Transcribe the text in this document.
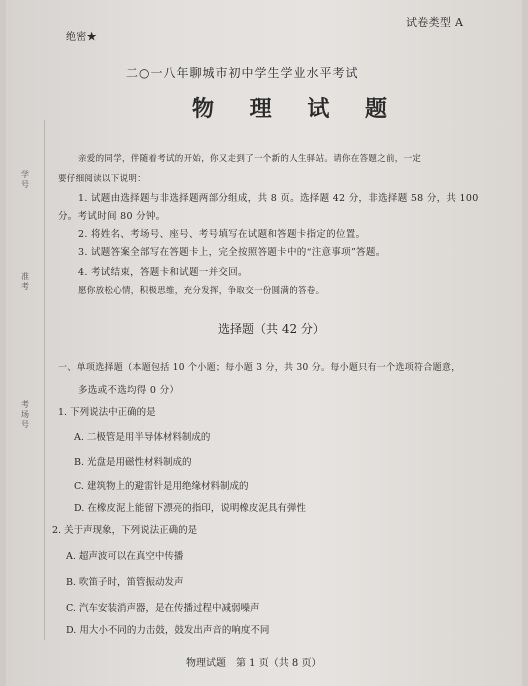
学号
准考
考场号
绝密★
试卷类型 A
二○一八年聊城市初中学生学业水平考试
物 理 试 题
亲爱的同学，伴随着考试的开始，你又走到了一个新的人生驿站。请你在答题之前，一定
要仔细阅读以下说明：
1. 试题由选择题与非选择题两部分组成，共 8 页。选择题 42 分，非选择题 58 分，共 100
分。考试时间 80 分钟。
2. 将姓名、考场号、座号、考号填写在试题和答题卡指定的位置。
3. 试题答案全部写在答题卡上，完全按照答题卡中的“注意事项”答题。
4. 考试结束，答题卡和试题一并交回。
愿你放松心情，积极思维，充分发挥，争取交一份圆满的答卷。
选择题（共 42 分）
一、单项选择题（本题包括 10 个小题；每小题 3 分，共 30 分。每小题只有一个选项符合题意，
多选或不选均得 0 分）
1. 下列说法中正确的是
A. 二极管是用半导体材料制成的
B. 光盘是用磁性材料制成的
C. 建筑物上的避雷针是用绝缘材料制成的
D. 在橡皮泥上能留下漂亮的指印，说明橡皮泥具有弹性
2. 关于声现象，下列说法正确的是
A. 超声波可以在真空中传播
B. 吹笛子时，笛管振动发声
C. 汽车安装消声器，是在传播过程中减弱噪声
D. 用大小不同的力击鼓，鼓发出声音的响度不同
物理试题　第 1 页（共 8 页）
